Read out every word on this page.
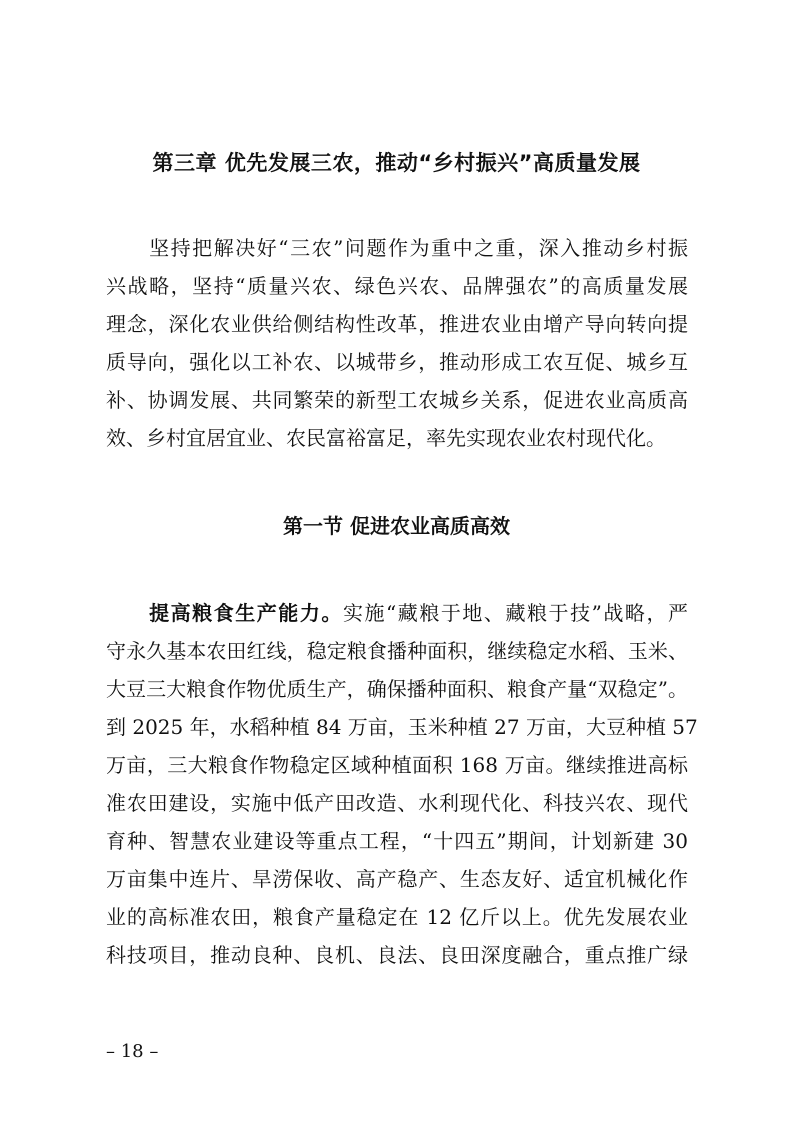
第三章 优先发展三农，推动“乡村振兴”高质量发展
　　坚持把解决好“三农”问题作为重中之重，深入推动乡村振
兴战略，坚持“质量兴农、绿色兴农、品牌强农”的高质量发展
理念，深化农业供给侧结构性改革，推进农业由增产导向转向提
质导向，强化以工补农、以城带乡，推动形成工农互促、城乡互
补、协调发展、共同繁荣的新型工农城乡关系，促进农业高质高
效、乡村宜居宜业、农民富裕富足，率先实现农业农村现代化。
第一节 促进农业高质高效
　　提高粮食生产能力。实施“藏粮于地、藏粮于技”战略，严
守永久基本农田红线，稳定粮食播种面积，继续稳定水稻、玉米、
大豆三大粮食作物优质生产，确保播种面积、粮食产量“双稳定”。
到 2025 年，水稻种植 84 万亩，玉米种植 27 万亩，大豆种植 57
万亩，三大粮食作物稳定区域种植面积 168 万亩。继续推进高标
准农田建设，实施中低产田改造、水利现代化、科技兴农、现代
育种、智慧农业建设等重点工程，“十四五”期间，计划新建 30
万亩集中连片、旱涝保收、高产稳产、生态友好、适宜机械化作
业的高标准农田，粮食产量稳定在 12 亿斤以上。优先发展农业
科技项目，推动良种、良机、良法、良田深度融合，重点推广绿
– 18 –
